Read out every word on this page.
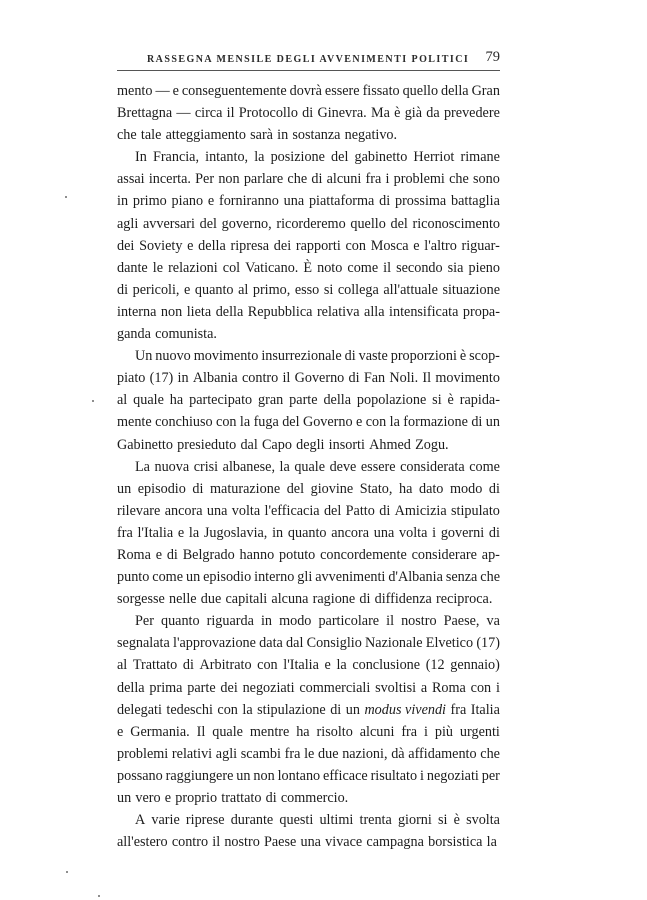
RASSEGNA MENSILE DEGLI AVVENIMENTI POLITICI 79
mento — e conseguentemente dovrà essere fissato quello della Gran
Brettagna — circa il Protocollo di Ginevra. Ma è già da prevedere
che tale atteggiamento sarà in sostanza negativo.
In Francia, intanto, la posizione del gabinetto Herriot rimane
assai incerta. Per non parlare che di alcuni fra i problemi che sono
in primo piano e forniranno una piattaforma di prossima battaglia
agli avversari del governo, ricorderemo quello del riconoscimento
dei Soviety e della ripresa dei rapporti con Mosca e l'altro riguar-
dante le relazioni col Vaticano. È noto come il secondo sia pieno
di pericoli, e quanto al primo, esso si collega all'attuale situazione
interna non lieta della Repubblica relativa alla intensificata propa-
ganda comunista.
Un nuovo movimento insurrezionale di vaste proporzioni è scop-
piato (17) in Albania contro il Governo di Fan Noli. Il movimento
al quale ha partecipato gran parte della popolazione si è rapida-
mente conchiuso con la fuga del Governo e con la formazione di un
Gabinetto presieduto dal Capo degli insorti Ahmed Zogu.
La nuova crisi albanese, la quale deve essere considerata come
un episodio di maturazione del giovine Stato, ha dato modo di
rilevare ancora una volta l'efficacia del Patto di Amicizia stipulato
fra l'Italia e la Jugoslavia, in quanto ancora una volta i governi di
Roma e di Belgrado hanno potuto concordemente considerare ap-
punto come un episodio interno gli avvenimenti d'Albania senza che
sorgesse nelle due capitali alcuna ragione di diffidenza reciproca.
Per quanto riguarda in modo particolare il nostro Paese, va
segnalata l'approvazione data dal Consiglio Nazionale Elvetico (17)
al Trattato di Arbitrato con l'Italia e la conclusione (12 gennaio)
della prima parte dei negoziati commerciali svoltisi a Roma con i
delegati tedeschi con la stipulazione di un modus vivendi fra Italia
e Germania. Il quale mentre ha risolto alcuni fra i più urgenti
problemi relativi agli scambi fra le due nazioni, dà affidamento che
possano raggiungere un non lontano efficace risultato i negoziati per
un vero e proprio trattato di commercio.
A varie riprese durante questi ultimi trenta giorni si è svolta
all'estero contro il nostro Paese una vivace campagna borsistica la
